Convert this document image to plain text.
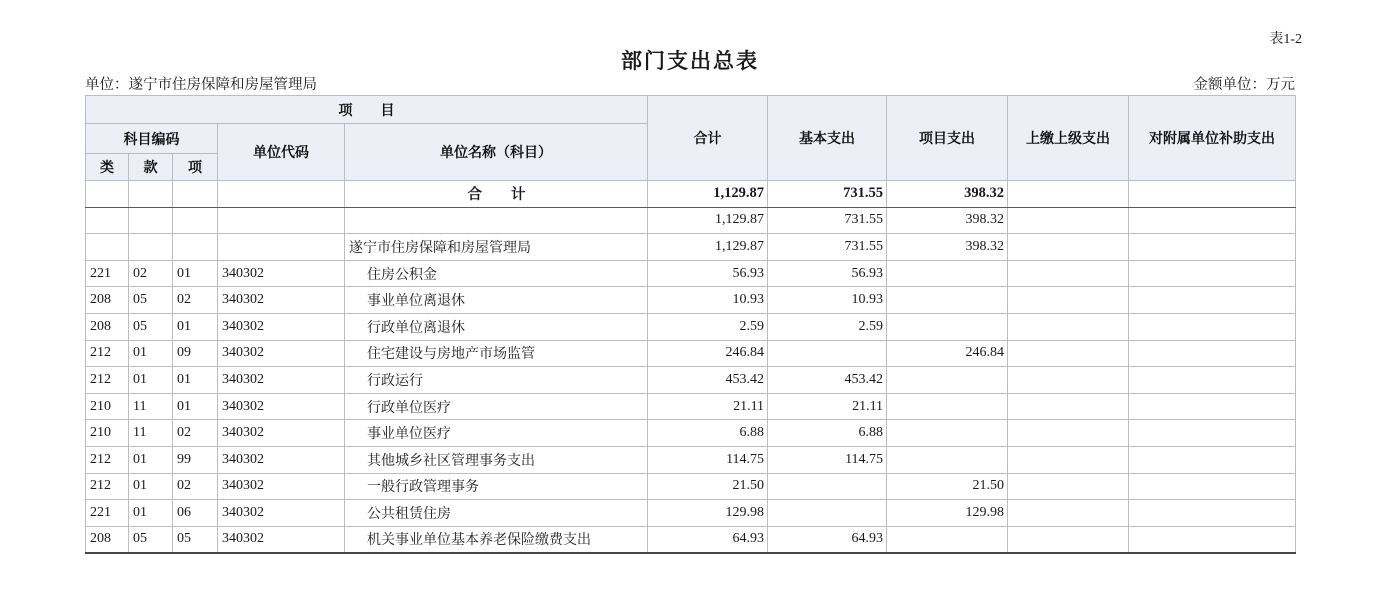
表1-2
部门支出总表
单位：遂宁市住房保障和房屋管理局	金额单位：万元
项　　目					合计	基本支出	项目支出	上缴上级支出	对附属单位补助支出
科目编码			单位代码	单位名称（科目）					
类	款	项							
				合　　计	1,129.87	731.55	398.32		
					1,129.87	731.55	398.32		
				遂宁市住房保障和房屋管理局	1,129.87	731.55	398.32		
221	02	01	340302	住房公积金	56.93	56.93			
208	05	02	340302	事业单位离退休	10.93	10.93			
208	05	01	340302	行政单位离退休	2.59	2.59			
212	01	09	340302	住宅建设与房地产市场监管	246.84		246.84		
212	01	01	340302	行政运行	453.42	453.42			
210	11	01	340302	行政单位医疗	21.11	21.11			
210	11	02	340302	事业单位医疗	6.88	6.88			
212	01	99	340302	其他城乡社区管理事务支出	114.75	114.75			
212	01	02	340302	一般行政管理事务	21.50		21.50		
221	01	06	340302	公共租赁住房	129.98		129.98		
208	05	05	340302	机关事业单位基本养老保险缴费支出	64.93	64.93			
